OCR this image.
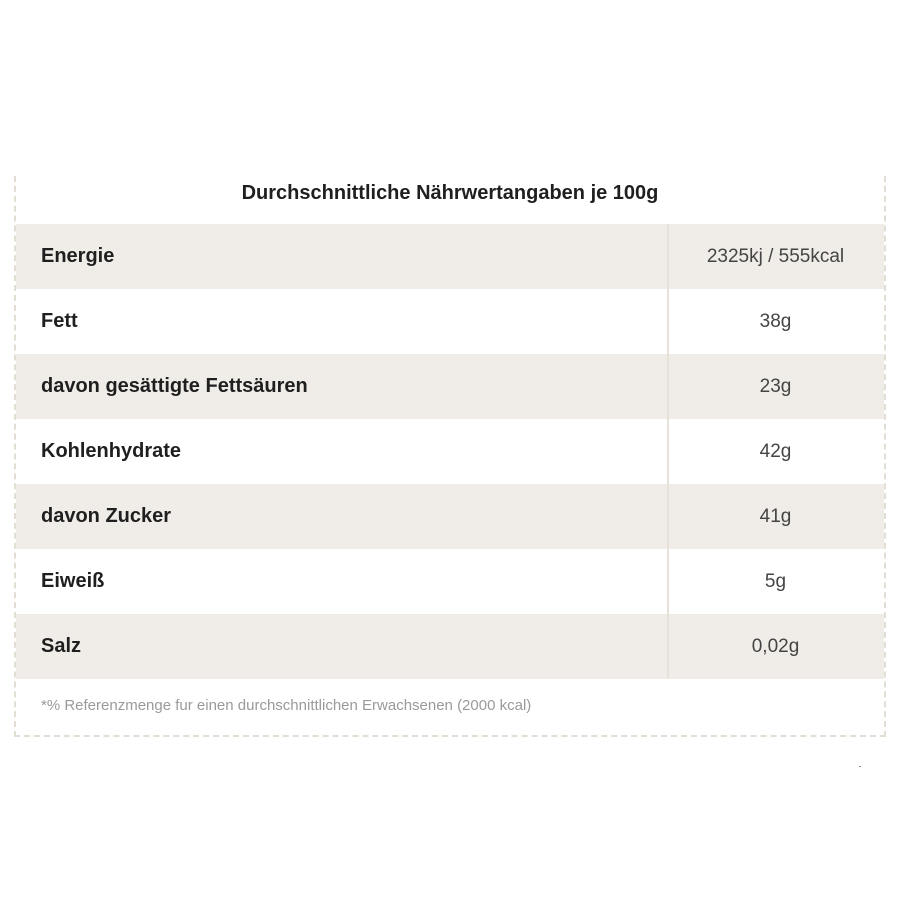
Durchschnittliche Nährwertangaben je 100g
Energie	2325kj / 555kcal
Fett	38g
davon gesättigte Fettsäuren	23g
Kohlenhydrate	42g
davon Zucker	41g
Eiweiß	5g
Salz	0,02g
*% Referenzmenge fur einen durchschnittlichen Erwachsenen (2000 kcal)
